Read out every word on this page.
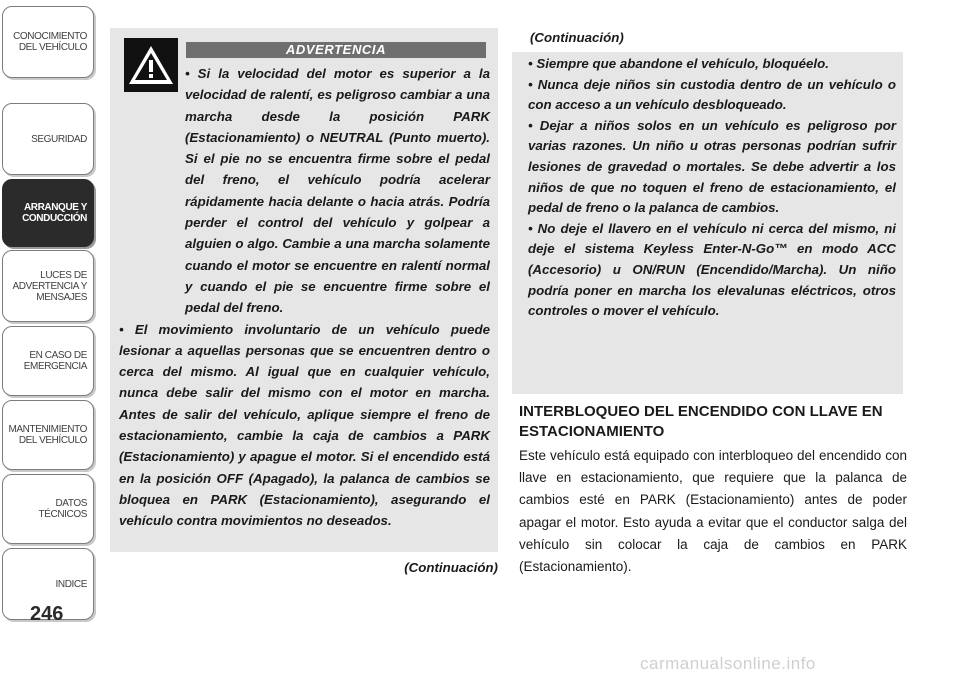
CONOCIMIENTO
DEL VEHÍCULO
SEGURIDAD
ARRANQUE Y
CONDUCCIÓN
LUCES DE
ADVERTENCIA Y
MENSAJES
EN CASO DE
EMERGENCIA
MANTENIMIENTO
DEL VEHÍCULO
DATOS
TÉCNICOS
INDICE
246
ADVERTENCIA

• Si la velocidad del motor es superior a la velocidad de ralentí, es peligroso cambiar a una marcha desde la posición PARK (Estacionamiento) o NEUTRAL (Punto muerto). Si el pie no se encuentra firme sobre el pedal del freno, el vehículo podría acelerar rápidamente hacia delante o hacia atrás. Podría perder el control del vehículo y golpear a alguien o algo. Cambie a una marcha solamente cuando el motor se encuentre en ralentí normal y cuando el pie se encuentre firme sobre el pedal del freno.

• El movimiento involuntario de un vehículo puede lesionar a aquellas personas que se encuentren dentro o cerca del mismo. Al igual que en cualquier vehículo, nunca debe salir del mismo con el motor en marcha. Antes de salir del vehículo, aplique siempre el freno de estacionamiento, cambie la caja de cambios a PARK (Estacionamiento) y apague el motor. Si el encendido está en la posición OFF (Apagado), la palanca de cambios se bloquea en PARK (Estacionamiento), asegurando el vehículo contra movimientos no deseados.

(Continuación)
(Continuación)

• Siempre que abandone el vehículo, bloquéelo.

• Nunca deje niños sin custodia dentro de un vehículo o con acceso a un vehículo desbloqueado.

• Dejar a niños solos en un vehículo es peligroso por varias razones. Un niño u otras personas podrían sufrir lesiones de gravedad o mortales. Se debe advertir a los niños de que no toquen el freno de estacionamiento, el pedal de freno o la palanca de cambios.

• No deje el llavero en el vehículo ni cerca del mismo, ni deje el sistema Keyless Enter-N-Go™ en modo ACC (Accesorio) u ON/RUN (Encendido/Marcha). Un niño podría poner en marcha los elevalunas eléctricos, otros controles o mover el vehículo.

INTERBLOQUEO DEL ENCENDIDO CON LLAVE EN ESTACIONAMIENTO
Este vehículo está equipado con interbloqueo del encendido con llave en estacionamiento, que requiere que la palanca de cambios esté en PARK (Estacionamiento) antes de poder apagar el motor. Esto ayuda a evitar que el conductor salga del vehículo sin colocar la caja de cambios en PARK (Estacionamiento).
carmanualsonline.info
